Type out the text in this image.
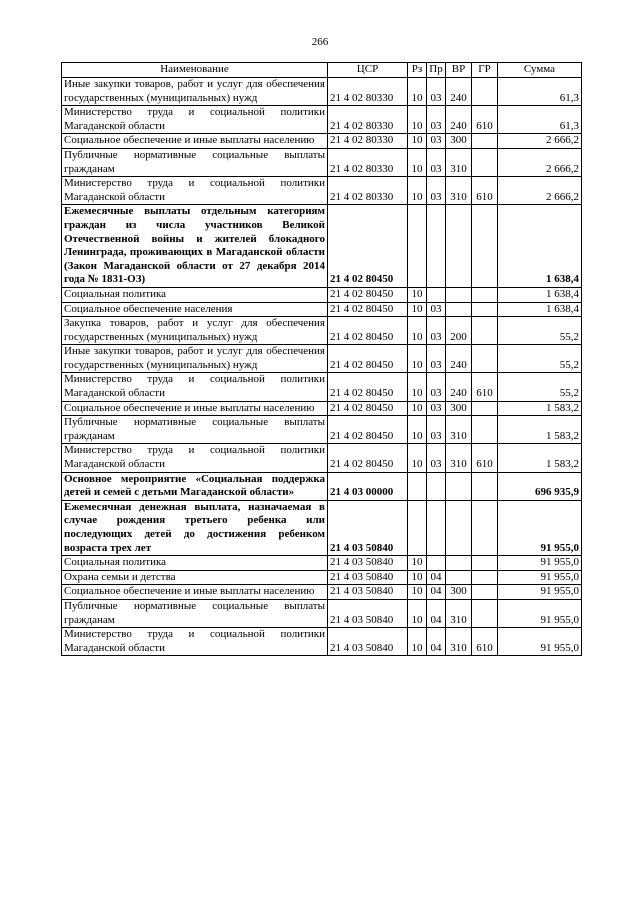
266
Наименование	ЦСР	Рз	Пр	ВР	ГР	Сумма
Иные закупки товаров, работ и услуг для обеспечения государственных (муниципальных) нужд	21 4 02 80330	10	03	240		61,3
Министерство труда и социальной политики Магаданской области	21 4 02 80330	10	03	240	610	61,3
Социальное обеспечение и иные выплаты населению	21 4 02 80330	10	03	300		2 666,2
Публичные нормативные социальные выплаты гражданам	21 4 02 80330	10	03	310		2 666,2
Министерство труда и социальной политики Магаданской области	21 4 02 80330	10	03	310	610	2 666,2
Ежемесячные выплаты отдельным категориям граждан из числа участников Великой Отечественной войны и жителей блокадного Ленинграда, проживающих в Магаданской области (Закон Магаданской области от 27 декабря 2014 года № 1831-ОЗ)	21 4 02 80450					1 638,4
Социальная политика	21 4 02 80450	10				1 638,4
Социальное обеспечение населения	21 4 02 80450	10	03			1 638,4
Закупка товаров, работ и услуг для обеспечения государственных (муниципальных) нужд	21 4 02 80450	10	03	200		55,2
Иные закупки товаров, работ и услуг для обеспечения государственных (муниципальных) нужд	21 4 02 80450	10	03	240		55,2
Министерство труда и социальной политики Магаданской области	21 4 02 80450	10	03	240	610	55,2
Социальное обеспечение и иные выплаты населению	21 4 02 80450	10	03	300		1 583,2
Публичные нормативные социальные выплаты гражданам	21 4 02 80450	10	03	310		1 583,2
Министерство труда и социальной политики Магаданской области	21 4 02 80450	10	03	310	610	1 583,2
Основное мероприятие «Социальная поддержка детей и семей с детьми Магаданской области»	21 4 03 00000					696 935,9
Ежемесячная денежная выплата, назначаемая в случае рождения третьего ребенка или последующих детей до достижения ребенком возраста трех лет	21 4 03 50840					91 955,0
Социальная политика	21 4 03 50840	10				91 955,0
Охрана семьи и детства	21 4 03 50840	10	04			91 955,0
Социальное обеспечение и иные выплаты населению	21 4 03 50840	10	04	300		91 955,0
Публичные нормативные социальные выплаты гражданам	21 4 03 50840	10	04	310		91 955,0
Министерство труда и социальной политики Магаданской области	21 4 03 50840	10	04	310	610	91 955,0
